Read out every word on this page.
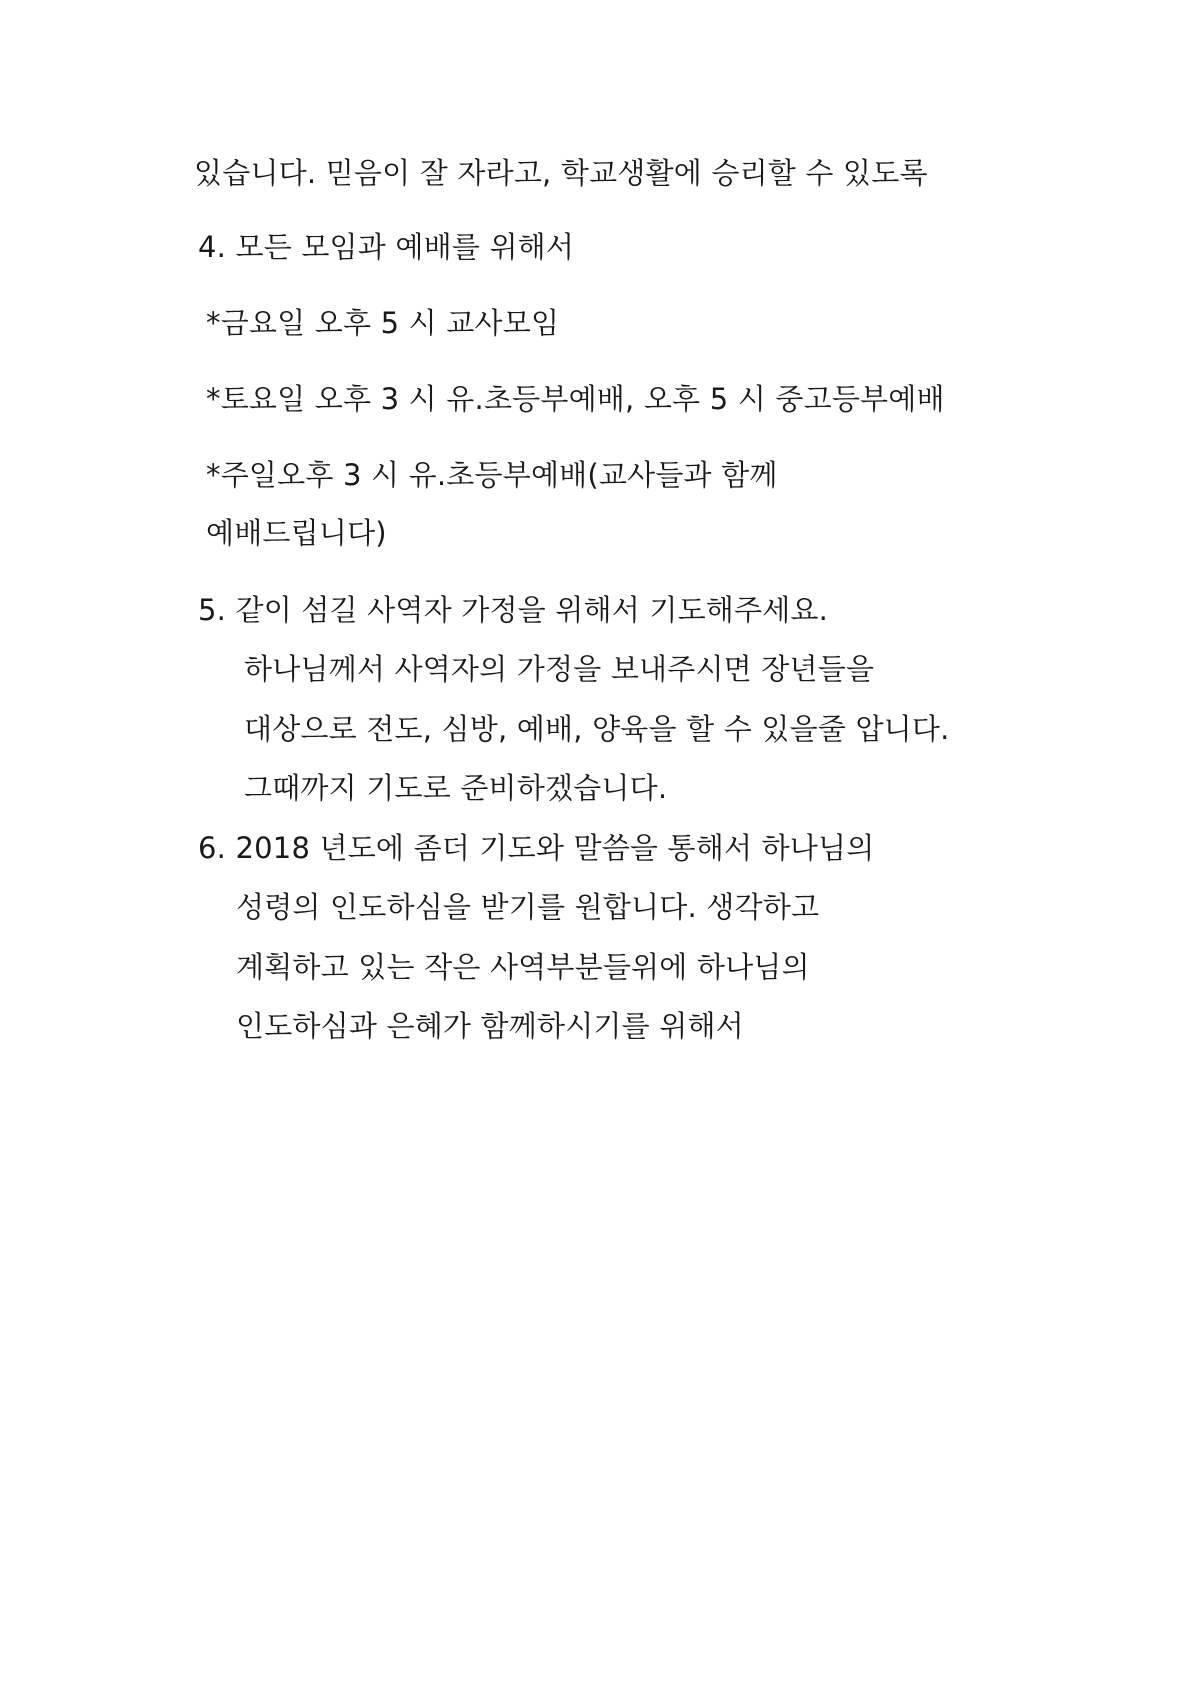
있습니다. 믿음이 잘 자라고, 학교생활에 승리할 수 있도록
4. 모든 모임과 예배를 위해서
*금요일 오후 5 시 교사모임
*토요일 오후 3 시 유.초등부예배, 오후 5 시 중고등부예배
*주일오후 3 시 유.초등부예배(교사들과 함께
예배드립니다)
5. 같이 섬길 사역자 가정을 위해서 기도해주세요.
하나님께서 사역자의 가정을 보내주시면 장년들을
대상으로 전도, 심방, 예배, 양육을 할 수 있을줄 압니다.
그때까지 기도로 준비하겠습니다.
6. 2018 년도에 좀더 기도와 말씀을 통해서 하나님의
성령의 인도하심을 받기를 원합니다. 생각하고
계획하고 있는 작은 사역부분들위에 하나님의
인도하심과 은혜가 함께하시기를 위해서
